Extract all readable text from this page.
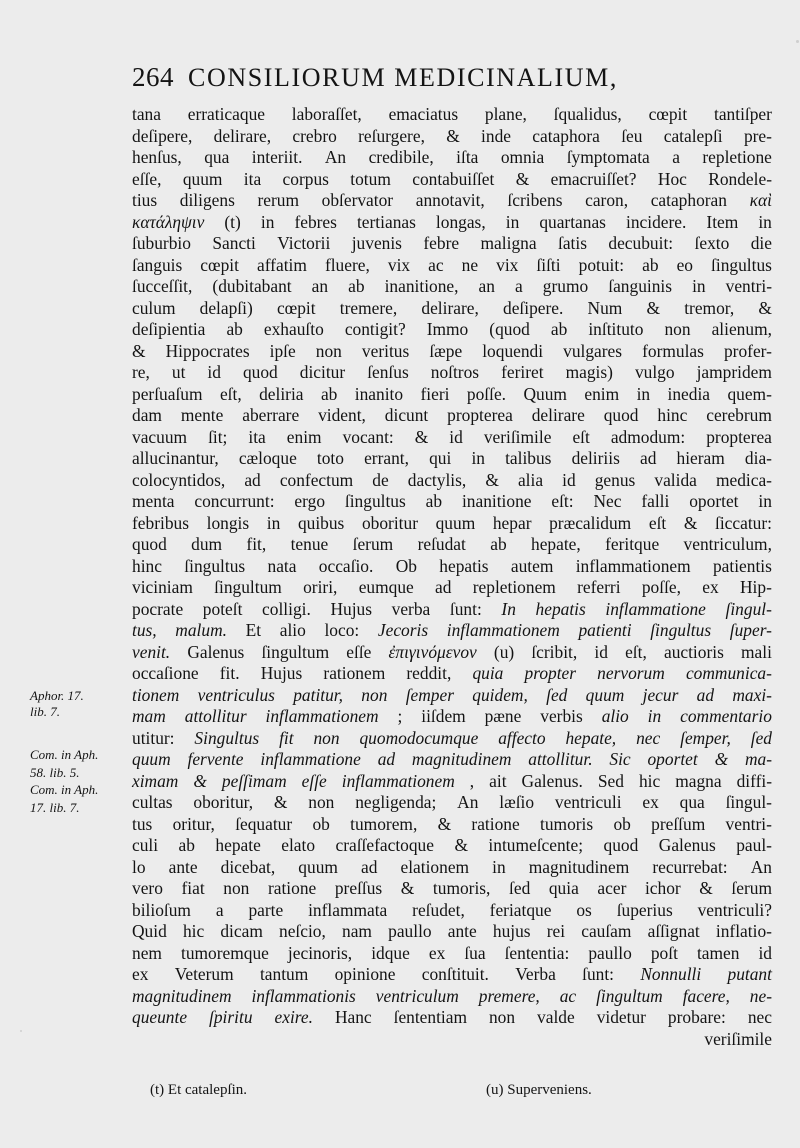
264 CONSILIORUM MEDICINALIUM,
tana erraticaque laboraſſet, emaciatus plane, ſqualidus, cœpit tantiſper
deſipere, delirare, crebro reſurgere, & inde cataphora ſeu catalepſi pre-
henſus, qua interiit. An credibile, iſta omnia ſymptomata a repletione
eſſe, quum ita corpus totum contabuiſſet & emacruiſſet? Hoc Rondele-
tius diligens rerum obſervator annotavit, ſcribens caron, cataphoran καὶ
κατάληψιν (t) in febres tertianas longas, in quartanas incidere. Item in
ſuburbio Sancti Victorii juvenis febre maligna ſatis decubuit: ſexto die
ſanguis cœpit affatim fluere, vix ac ne vix ſiſti potuit: ab eo ſingultus
ſucceſſit, (dubitabant an ab inanitione, an a grumo ſanguinis in ventri-
culum delapſi) cœpit tremere, delirare, deſipere. Num & tremor, &
deſipientia ab exhauſto contigit? Immo (quod ab inſtituto non alienum,
& Hippocrates ipſe non veritus ſæpe loquendi vulgares formulas profer-
re, ut id quod dicitur ſenſus noſtros feriret magis) vulgo jampridem
perſuaſum eſt, deliria ab inanito fieri poſſe. Quum enim in inedia quem-
dam mente aberrare vident, dicunt propterea delirare quod hinc cerebrum
vacuum ſit; ita enim vocant: & id veriſimile eſt admodum: propterea
allucinantur, cæloque toto errant, qui in talibus deliriis ad hieram dia-
colocyntidos, ad confectum de dactylis, & alia id genus valida medica-
menta concurrunt: ergo ſingultus ab inanitione eſt: Nec falli oportet in
febribus longis in quibus oboritur quum hepar præcalidum eſt & ſiccatur:
quod dum fit, tenue ſerum reſudat ab hepate, feritque ventriculum,
hinc ſingultus nata occaſio. Ob hepatis autem inflammationem patientis
viciniam ſingultum oriri, eumque ad repletionem referri poſſe, ex Hip-
pocrate poteſt colligi. Hujus verba ſunt: In hepatis inflammatione ſingul-
tus, malum. Et alio loco: Jecoris inflammationem patienti ſingultus ſuper-
venit. Galenus ſingultum eſſe ἐπιγινόμενον (u) ſcribit, id eſt, auctioris mali
occaſione fit. Hujus rationem reddit, quia propter nervorum communica-
tionem ventriculus patitur, non ſemper quidem, ſed quum jecur ad maxi-
mam attollitur inflammationem ; iiſdem pæne verbis alio in commentario
utitur: Singultus fit non quomodocumque affecto hepate, nec ſemper, ſed
quum fervente inflammatione ad magnitudinem attollitur. Sic oportet & ma-
ximam & peſſimam eſſe inflammationem , ait Galenus. Sed hic magna diffi-
cultas oboritur, & non negligenda; An læſio ventriculi ex qua ſingul-
tus oritur, ſequatur ob tumorem, & ratione tumoris ob preſſum ventri-
culi ab hepate elato craſſefactoque & intumeſcente; quod Galenus paul-
lo ante dicebat, quum ad elationem in magnitudinem recurrebat: An
vero fiat non ratione preſſus & tumoris, ſed quia acer ichor & ſerum
bilioſum a parte inflammata reſudet, feriatque os ſuperius ventriculi?
Quid hic dicam neſcio, nam paullo ante hujus rei cauſam aſſignat inflatio-
nem tumoremque jecinoris, idque ex ſua ſententia: paullo poſt tamen id
ex Veterum tantum opinione conſtituit. Verba ſunt: Nonnulli putant
magnitudinem inflammationis ventriculum premere, ac ſingultum facere, ne-
queunte ſpiritu exire. Hanc ſententiam non valde videtur probare: nec
veriſimile
Aphor. 17.
lib. 7.
Com. in Aph.
58. lib. 5.
Com. in Aph.
17. lib. 7.
(t) Et catalepſin.	(u) Superveniens.
